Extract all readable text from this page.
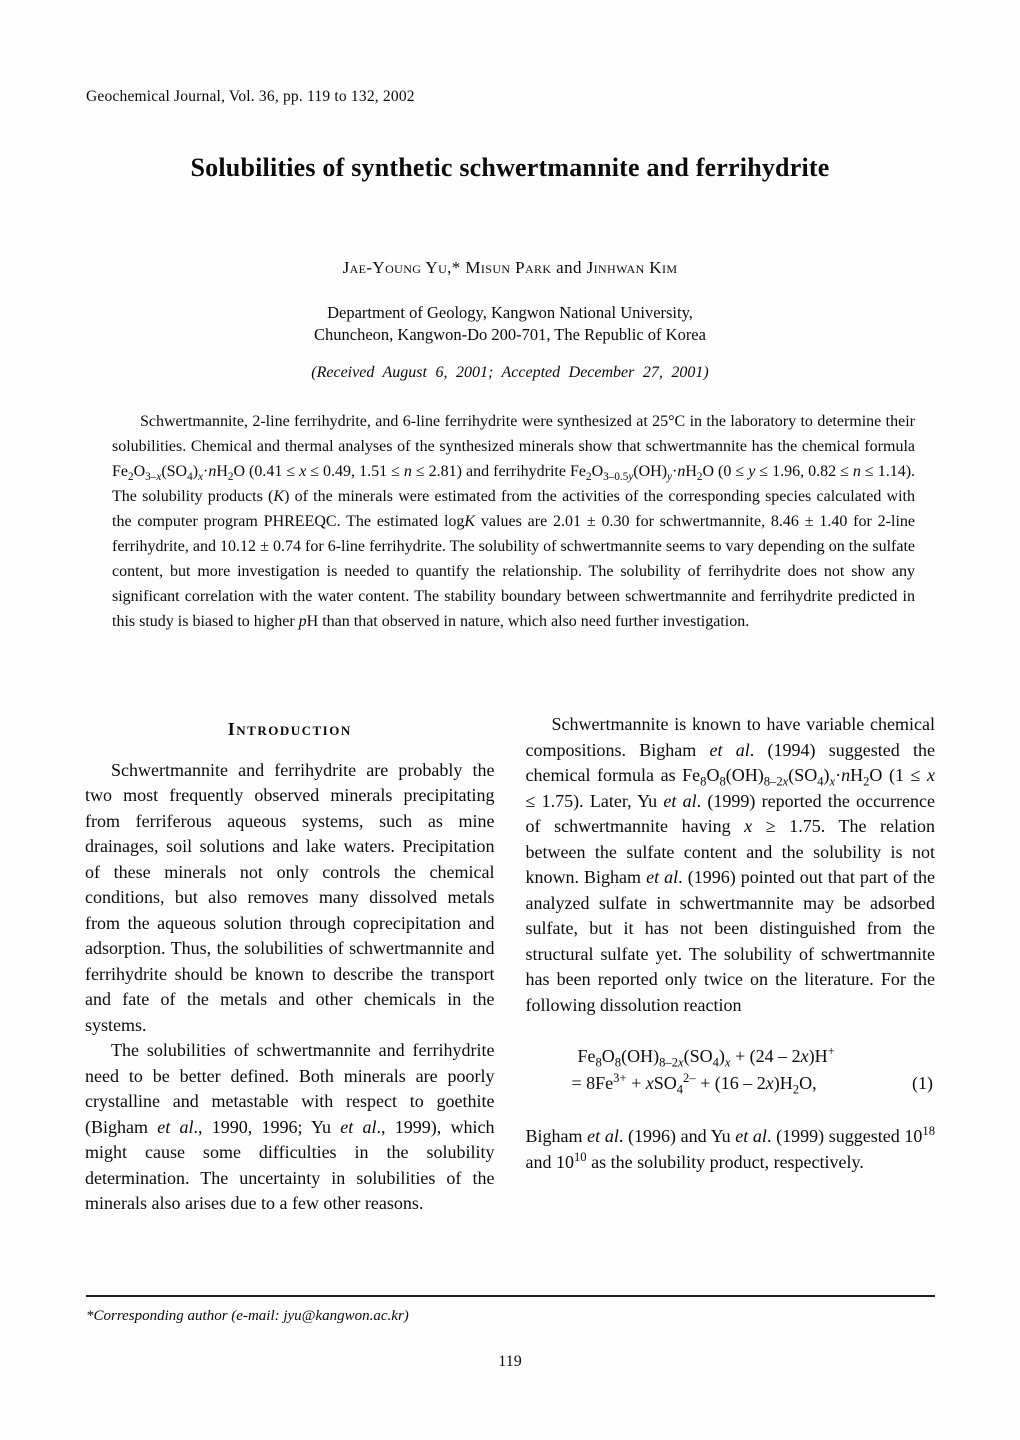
Geochemical Journal, Vol. 36, pp. 119 to 132, 2002
Solubilities of synthetic schwertmannite and ferrihydrite
Jae-Young Yu,* Misun Park and Jinhwan Kim
Department of Geology, Kangwon National University,
Chuncheon, Kangwon-Do 200-701, The Republic of Korea
(Received August 6, 2001; Accepted December 27, 2001)
Schwertmannite, 2-line ferrihydrite, and 6-line ferrihydrite were synthesized at 25°C in the laboratory to determine their solubilities. Chemical and thermal analyses of the synthesized minerals show that schwertmannite has the chemical formula $Fe_2O_{3-x}(SO_4)_x\cdot nH_2O$ (0.41 ≤ x ≤ 0.49, 1.51 ≤ n ≤ 2.81) and ferrihydrite $Fe_2O_{3-0.5y}(OH)_y\cdot nH_2O$ (0 ≤ y ≤ 1.96, 0.82 ≤ n ≤ 1.14). The solubility products (K) of the minerals were estimated from the activities of the corresponding species calculated with the computer program PHREEQC. The estimated logK values are 2.01 ± 0.30 for schwertmannite, 8.46 ± 1.40 for 2-line ferrihydrite, and 10.12 ± 0.74 for 6-line ferrihydrite. The solubility of schwertmannite seems to vary depending on the sulfate content, but more investigation is needed to quantify the relationship. The solubility of ferrihydrite does not show any significant correlation with the water content. The stability boundary between schwertmannite and ferrihydrite predicted in this study is biased to higher pH than that observed in nature, which also need further investigation.
Introduction

Schwertmannite and ferrihydrite are probably the two most frequently observed minerals precipitating from ferriferous aqueous systems, such as mine drainages, soil solutions and lake waters. Precipitation of these minerals not only controls the chemical conditions, but also removes many dissolved metals from the aqueous solution through coprecipitation and adsorption. Thus, the solubilities of schwertmannite and ferrihydrite should be known to describe the transport and fate of the metals and other chemicals in the systems.

The solubilities of schwertmannite and ferrihydrite need to be better defined. Both minerals are poorly crystalline and metastable with respect to goethite (Bigham et al., 1990, 1996; Yu et al., 1999), which might cause some difficulties in the solubility determination. The uncertainty in solubilities of the minerals also arises due to a few other reasons.

Schwertmannite is known to have variable chemical compositions. Bigham et al. (1994) suggested the chemical formula as $Fe_8O_8(OH)_{8-2x}(SO_4)_x\cdot nH_2O$ (1 ≤ x ≤ 1.75). Later, Yu et al. (1999) reported the occurrence of schwertmannite having x ≥ 1.75. The relation between the sulfate content and the solubility is not known. Bigham et al. (1996) pointed out that part of the analyzed sulfate in schwertmannite may be adsorbed sulfate, but it has not been distinguished from the structural sulfate yet. The solubility of schwertmannite has been reported only twice on the literature. For the following dissolution reaction

$Fe_8O_8(OH)_{8-2x}(SO_4)_x + (24 - 2x)H^+$
= $8Fe^{3+} + xSO_4^{2-} + (16 - 2x)H_2O$,	(1)

Bigham et al. (1996) and Yu et al. (1999) suggested $10^{18}$ and $10^{10}$ as the solubility product, respectively.

*Corresponding author (e-mail: jyu@kangwon.ac.kr)
119
